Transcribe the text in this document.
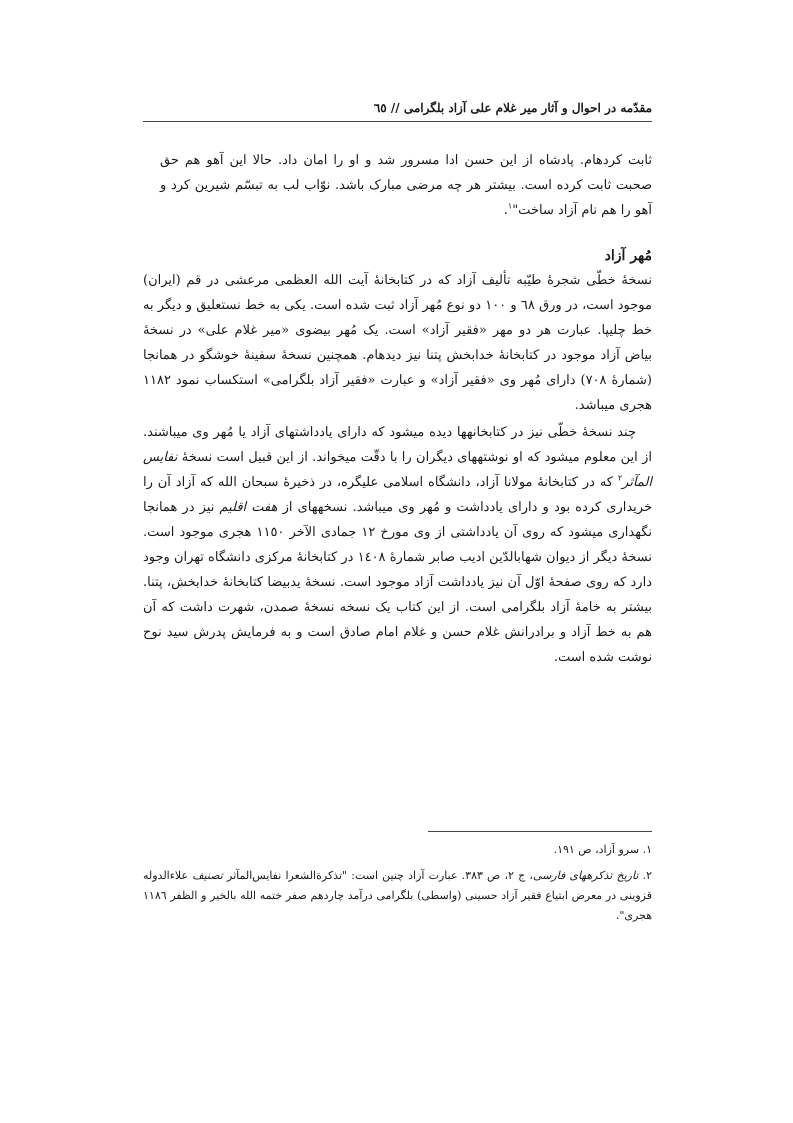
مقدّمه در احوال و آثار میر غلام علی آزاد بلگرامی // ٦٥

ثابت کردهام. پادشاه از این حسن ادا مسرور شد و او را امان داد. حالا این آهو هم حق صحبت ثابت کرده است. بیشتر هر چه مرضی مبارک باشد. نوّاب لب به تبسّم شیرین کرد و آهو را هم نام آزاد ساخت"$^١$.

مُهر آزاد

نسخهٔ خطّی شجرهٔ طیّبه تألیف آزاد که در کتابخانهٔ آیت الله العظمی مرعشی در قم (ایران) موجود است، در ورق ٦٨ و ١٠٠ دو نوع مُهر آزاد ثبت شده است. یکی به خط نستعلیق و دیگر به خط چلیپا. عبارت هر دو مهر «فقیر آزاد» است. یک مُهر بیضوی «میر غلام علی» در نسخهٔ بیاض آزاد موجود در کتابخانهٔ خدابخش پتنا نیز دیدهام. همچنین نسخهٔ سفینهٔ خوشگو در همانجا (شمارهٔ ٧٠٨) دارای مُهر وی «فقیر آزاد» و عبارت «فقیر آزاد بلگرامی» استکساب نمود ١١٨٢ هجری میباشد.

چند نسخهٔ خطّی نیز در کتابخانهها دیده میشود که دارای یادداشتهای آزاد یا مُهر وی میباشند. از این معلوم میشود که او نوشتههای دیگران را با دقّت میخواند. از این قبیل است نسخهٔ نفایس المآثر$^٢$ که در کتابخانهٔ مولانا آزاد، دانشگاه اسلامی علیگره، در ذخیرهٔ سبحان الله که آزاد آن را خریداری کرده بود و دارای یادداشت و مُهر وی میباشد. نسخههای از هفت اقلیم نیز در همانجا نگهداری میشود که روی آن یادداشتی از وی مورخ ١٢ جمادی الآخر ١١٥٠ هجری موجود است. نسخهٔ دیگر از دیوان شهابالدّین ادیب صابر شمارهٔ ١٤٠٨ در کتابخانهٔ مرکزی دانشگاه تهران وجود دارد که روی صفحهٔ اوّل آن نیز یادداشت آزاد موجود است. نسخهٔ یدبیضا کتابخانهٔ خدابخش، پتنا. بیشتر به خامهٔ آزاد بلگرامی است. از این کتاب یک نسخه نسخهٔ صمدن، شهرت داشت که آن هم به خط آزاد و برادرانش غلام حسن و غلام امام صادق است و به فرمایش پدرش سید نوح نوشت شده است.

١. سرو آزاد، ص ١٩١.

٢. تاریخ تذکرههای فارسی، ج ٢، ص ٣٨٣. عبارت آزاد چنین است: "تذکرةالشعرا نفایس‌المآثر تصنیف علاءالدوله قزوینی در معرض ابتیاع فقیر آزاد حسینی (واسطی) بلگرامی درآمد چاردهم صفر ختمه الله بالخیر و الظفر ١١٨٦ هجری".
